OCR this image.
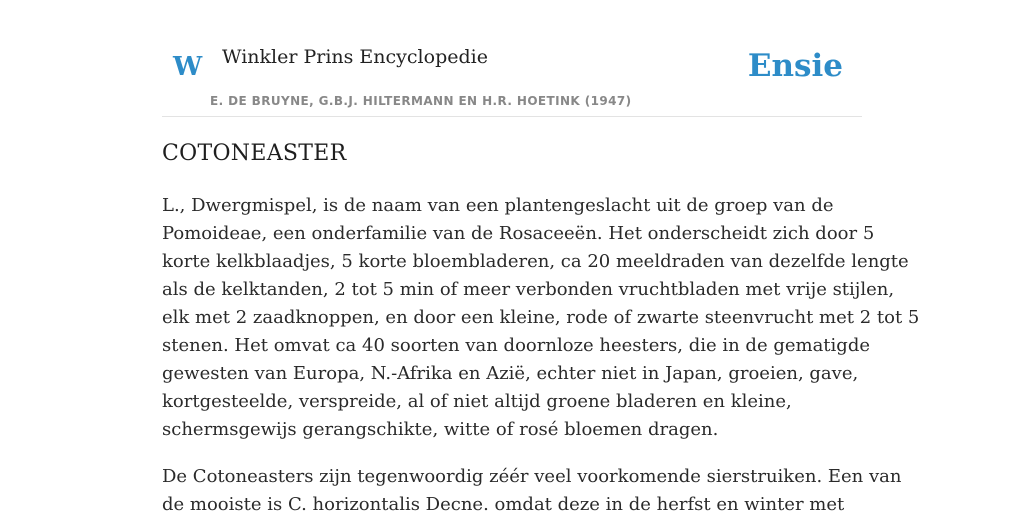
W Winkler Prins Encyclopedie
E. DE BRUYNE, G.B.J. HILTERMANN EN H.R. HOETINK (1947)
Ensie
COTONEASTER

L., Dwergmispel, is de naam van een plantengeslacht uit de groep van de
Pomoideae, een onderfamilie van de Rosaceeën. Het onderscheidt zich door 5
korte kelkblaadjes, 5 korte bloembladeren, ca 20 meeldraden van dezelfde lengte
als de kelktanden, 2 tot 5 min of meer verbonden vruchtbladen met vrije stijlen,
elk met 2 zaadknoppen, en door een kleine, rode of zwarte steenvrucht met 2 tot 5
stenen. Het omvat ca 40 soorten van doornloze heesters, die in de gematigde
gewesten van Europa, N.-Afrika en Azië, echter niet in Japan, groeien, gave,
kortgesteelde, verspreide, al of niet altijd groene bladeren en kleine,
schermsgewijs gerangschikte, witte of rosé bloemen dragen.

De Cotoneasters zijn tegenwoordig zéér veel voorkomende sierstruiken. Een van
de mooiste is C. horizontalis Decne. omdat deze in de herfst en winter met
